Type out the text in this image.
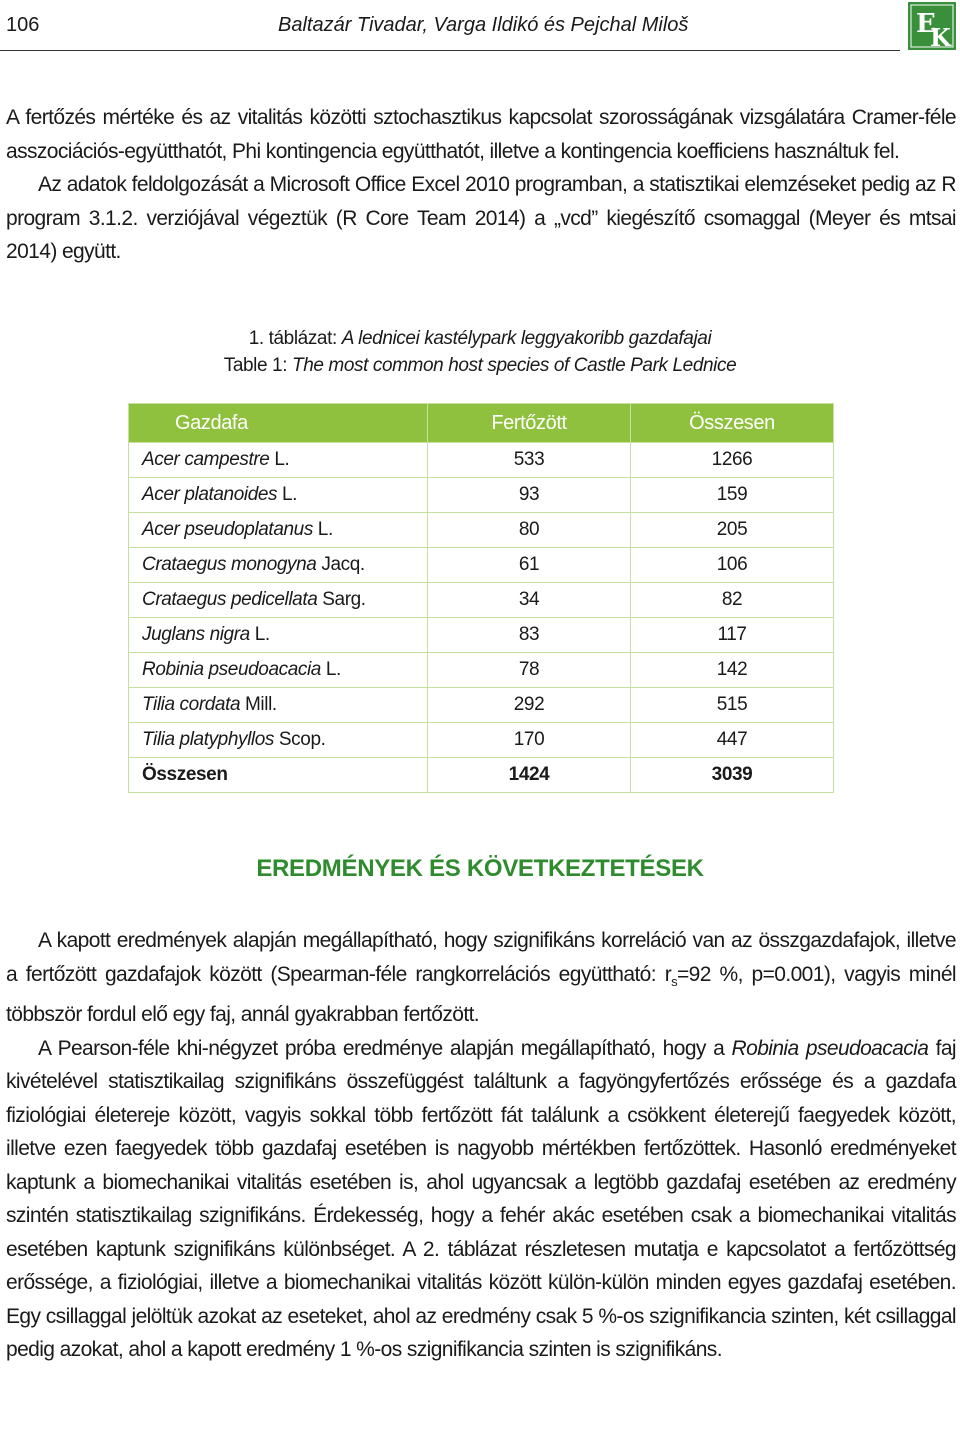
106	Baltazár Tivadar, Varga Ildikó és Pejchal Miloš	E
K

A fertőzés mértéke és az vitalitás közötti sztochasztikus kapcsolat szorosságának vizsgálatára Cramer-féle asszociációs-együtthatót, Phi kontingencia együtthatót, illetve a kontingencia koefficiens használtuk fel.

Az adatok feldolgozását a Microsoft Office Excel 2010 programban, a statisztikai elemzéseket pedig az R program 3.1.2. verziójával végeztük (R Core Team 2014) a „vcd” kiegészítő csomaggal (Meyer és mtsai 2014) együtt.

1. táblázat: A lednicei kastélypark leggyakoribb gazdafajai
Table 1: The most common host species of Castle Park Lednice
Gazdafa	Fertőzött	Összesen
Acer campestre L.	533	1266
Acer platanoides L.	93	159
Acer pseudoplatanus L.	80	205
Crataegus monogyna Jacq.	61	106
Crataegus pedicellata Sarg.	34	82
Juglans nigra L.	83	117
Robinia pseudoacacia L.	78	142
Tilia cordata Mill.	292	515
Tilia platyphyllos Scop.	170	447
Összesen	1424	3039
EREDMÉNYEK ÉS KÖVETKEZTETÉSEK

A kapott eredmények alapján megállapítható, hogy szignifikáns korreláció van az összgazdafajok, illetve a fertőzött gazdafajok között (Spearman-féle rangkorrelációs együttható: $r_s=92$ %, p=0.001), vagyis minél többször fordul elő egy faj, annál gyakrabban fertőzött.

A Pearson-féle khi-négyzet próba eredménye alapján megállapítható, hogy a Robinia pseudoacacia faj kivételével statisztikailag szignifikáns összefüggést találtunk a fagyöngyfertőzés erőssége és a gazdafa fiziológiai életereje között, vagyis sokkal több fertőzött fát találunk a csökkent életerejű faegyedek között, illetve ezen faegyedek több gazdafaj esetében is nagyobb mértékben fertőzöttek. Hasonló eredményeket kaptunk a biomechanikai vitalitás esetében is, ahol ugyancsak a legtöbb gazdafaj esetében az eredmény szintén statisztikailag szignifikáns. Érdekesség, hogy a fehér akác esetében csak a biomechanikai vitalitás esetében kaptunk szignifikáns különbséget. A 2. táblázat részletesen mutatja e kapcsolatot a fertőzöttség erőssége, a fiziológiai, illetve a biomechanikai vitalitás között külön-külön minden egyes gazdafaj esetében. Egy csillaggal jelöltük azokat az eseteket, ahol az eredmény csak 5 %-os szignifikancia szinten, két csillaggal pedig azokat, ahol a kapott eredmény 1 %-os szignifikancia szinten is szignifikáns.
